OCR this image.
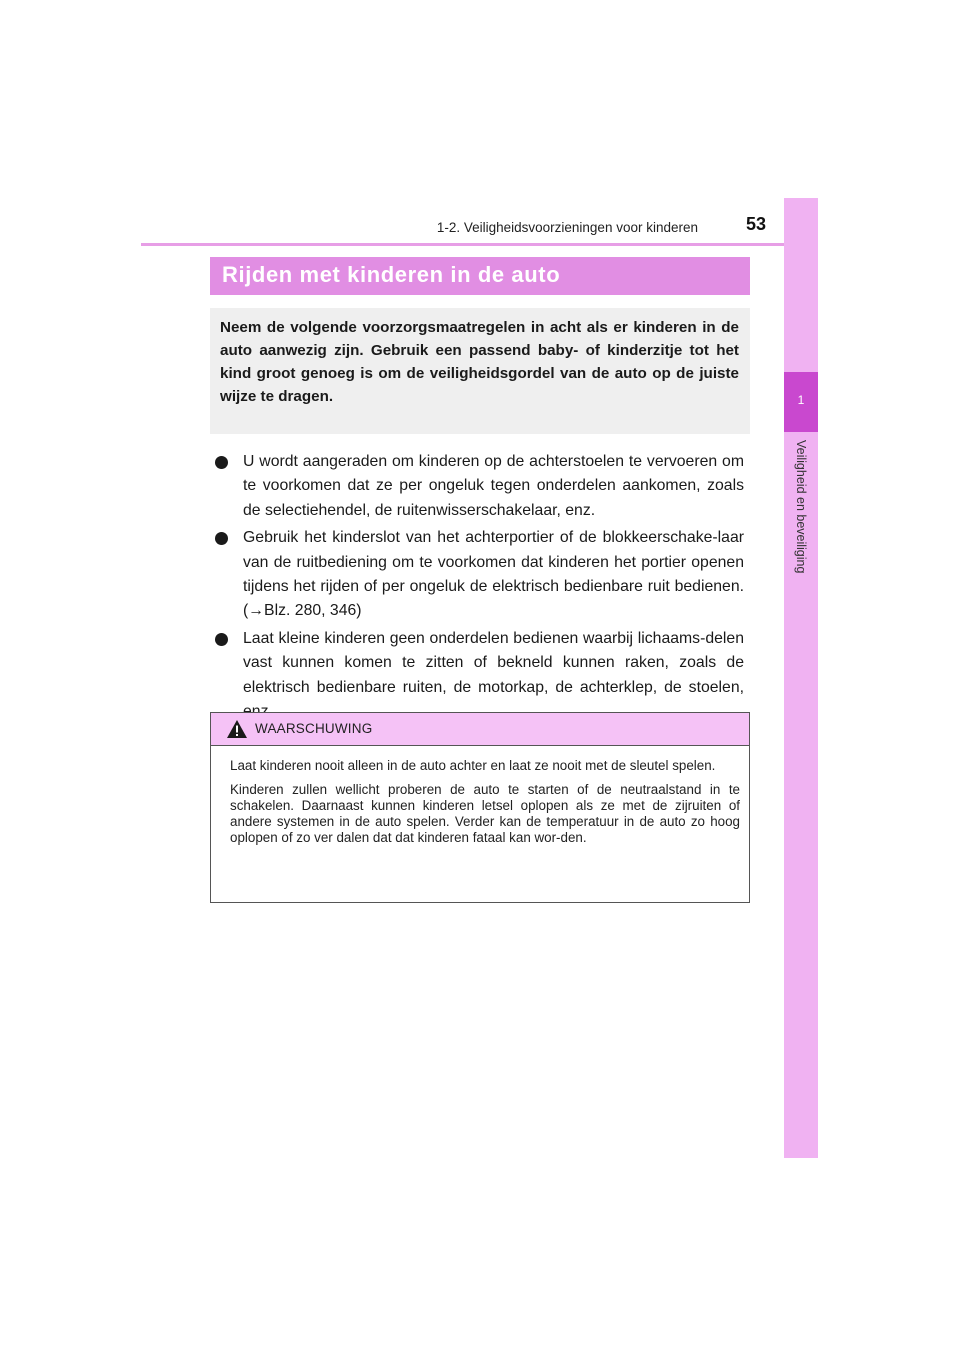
1-2. Veiligheidsvoorzieningen voor kinderen	53
1
Veiligheid en beveiliging
Rijden met kinderen in de auto
Neem de volgende voorzorgsmaatregelen in acht als er kinderen in de auto aanwezig zijn. Gebruik een passend baby- of kinderzitje tot het kind groot genoeg is om de veiligheidsgordel van de auto op de juiste wijze te dragen.
U wordt aangeraden om kinderen op de achterstoelen te vervoeren om te voorkomen dat ze per ongeluk tegen onderdelen aankomen, zoals de selectiehendel, de ruitenwisserschakelaar, enz.
Gebruik het kinderslot van het achterportier of de blokkeerschake-laar van de ruitbediening om te voorkomen dat kinderen het portier openen tijdens het rijden of per ongeluk de elektrisch bedienbare ruit bedienen. (→Blz. 280, 346)
Laat kleine kinderen geen onderdelen bedienen waarbij lichaams-delen vast kunnen komen te zitten of bekneld kunnen raken, zoals de elektrisch bedienbare ruiten, de motorkap, de achterklep, de stoelen,
WAARSCHUWING

Laat kinderen nooit alleen in de auto achter en laat ze nooit met de sleutel spelen.

Kinderen zullen wellicht proberen de auto te starten of de neutraalstand in te schakelen. Daarnaast kunnen kinderen letsel oplopen als ze met de zijruiten of andere systemen in de auto spelen. Verder kan de temperatuur in de auto zo hoog oplopen of zo ver dalen dat dat kinderen fataal kan wor-den.
